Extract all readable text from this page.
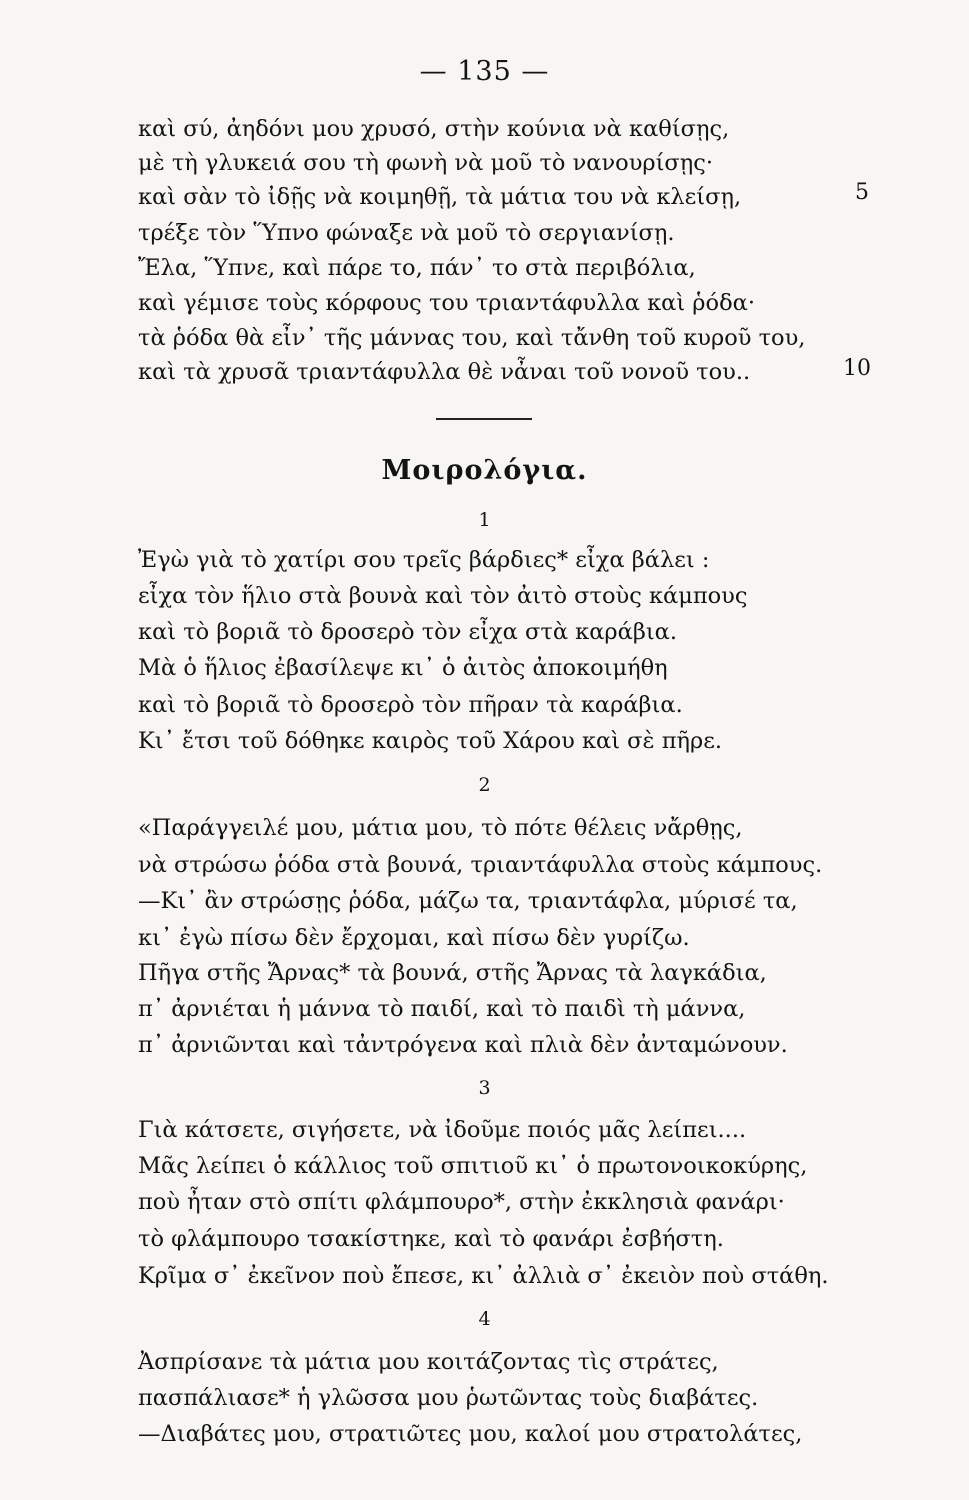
— 135 —
καὶ σύ, ἀηδόνι μου χρυσό, στὴν κούνια νὰ καθίσῃς,
μὲ τὴ γλυκειά σου τὴ φωνὴ νὰ μοῦ τὸ νανουρίσῃς·
καὶ σὰν τὸ ἰδῇς νὰ κοιμηθῇ, τὰ μάτια του νὰ κλείσῃ,	5
τρέξε τὸν Ὕπνο φώναξε νὰ μοῦ τὸ σεργιανίσῃ.
Ἔλα, Ὕπνε, καὶ πάρε το, πάν᾿ το στὰ περιβόλια,
καὶ γέμισε τοὺς κόρφους του τριαντάφυλλα καὶ ῥόδα·
τὰ ῥόδα θὰ εἶν᾿ τῆς μάννας του, καὶ τἄνθη τοῦ κυροῦ του,
καὶ τὰ χρυσᾶ τριαντάφυλλα θὲ νἆναι τοῦ νονοῦ του..	10
Μοιρολόγια.
1
Ἐγὼ γιὰ τὸ χατίρι σου τρεῖς βάρδιες* εἶχα βάλει :
εἶχα τὸν ἥλιο στὰ βουνὰ καὶ τὸν ἀιτὸ στοὺς κάμπους
καὶ τὸ βοριᾶ τὸ δροσερὸ τὸν εἶχα στὰ καράβια.
Μὰ ὁ ἥλιος ἐβασίλεψε κι᾿ ὁ ἀιτὸς ἀποκοιμήθη
καὶ τὸ βοριᾶ τὸ δροσερὸ τὸν πῆραν τὰ καράβια.
Κι᾿ ἔτσι τοῦ δόθηκε καιρὸς τοῦ Χάρου καὶ σὲ πῆρε.
2
«Παράγγειλέ μου, μάτια μου, τὸ πότε θέλεις νἄρθῃς,
νὰ στρώσω ῥόδα στὰ βουνά, τριαντάφυλλα στοὺς κάμπους.
—Κι᾿ ἂν στρώσῃς ῥόδα, μάζω τα, τριαντάφλα, μύρισέ τα,
κι᾿ ἐγὼ πίσω δὲν ἔρχομαι, καὶ πίσω δὲν γυρίζω.
Πῆγα στῆς Ἄρνας* τὰ βουνά, στῆς Ἄρνας τὰ λαγκάδια,
π᾿ ἀρνιέται ἡ μάννα τὸ παιδί, καὶ τὸ παιδὶ τὴ μάννα,
π᾿ ἀρνιῶνται καὶ τἀντρόγενα καὶ πλιὰ δὲν ἀνταμώνουν.
3
Γιὰ κάτσετε, σιγήσετε, νὰ ἰδοῦμε ποιός μᾶς λείπει....
Μᾶς λείπει ὁ κάλλιος τοῦ σπιτιοῦ κι᾿ ὁ πρωτονοικοκύρης,
ποὺ ἦταν στὸ σπίτι φλάμπουρο*, στὴν ἐκκλησιὰ φανάρι·
τὸ φλάμπουρο τσακίστηκε, καὶ τὸ φανάρι ἐσβήστη.
Κρῖμα σ᾿ ἐκεῖνον ποὺ ἔπεσε, κι᾿ ἀλλιὰ σ᾿ ἐκειὸν ποὺ στάθη.
4
Ἀσπρίσανε τὰ μάτια μου κοιτάζοντας τὶς στράτες,
πασπάλιασε* ἡ γλῶσσα μου ῥωτῶντας τοὺς διαβάτες.
—Διαβάτες μου, στρατιῶτες μου, καλοί μου στρατολάτες,
